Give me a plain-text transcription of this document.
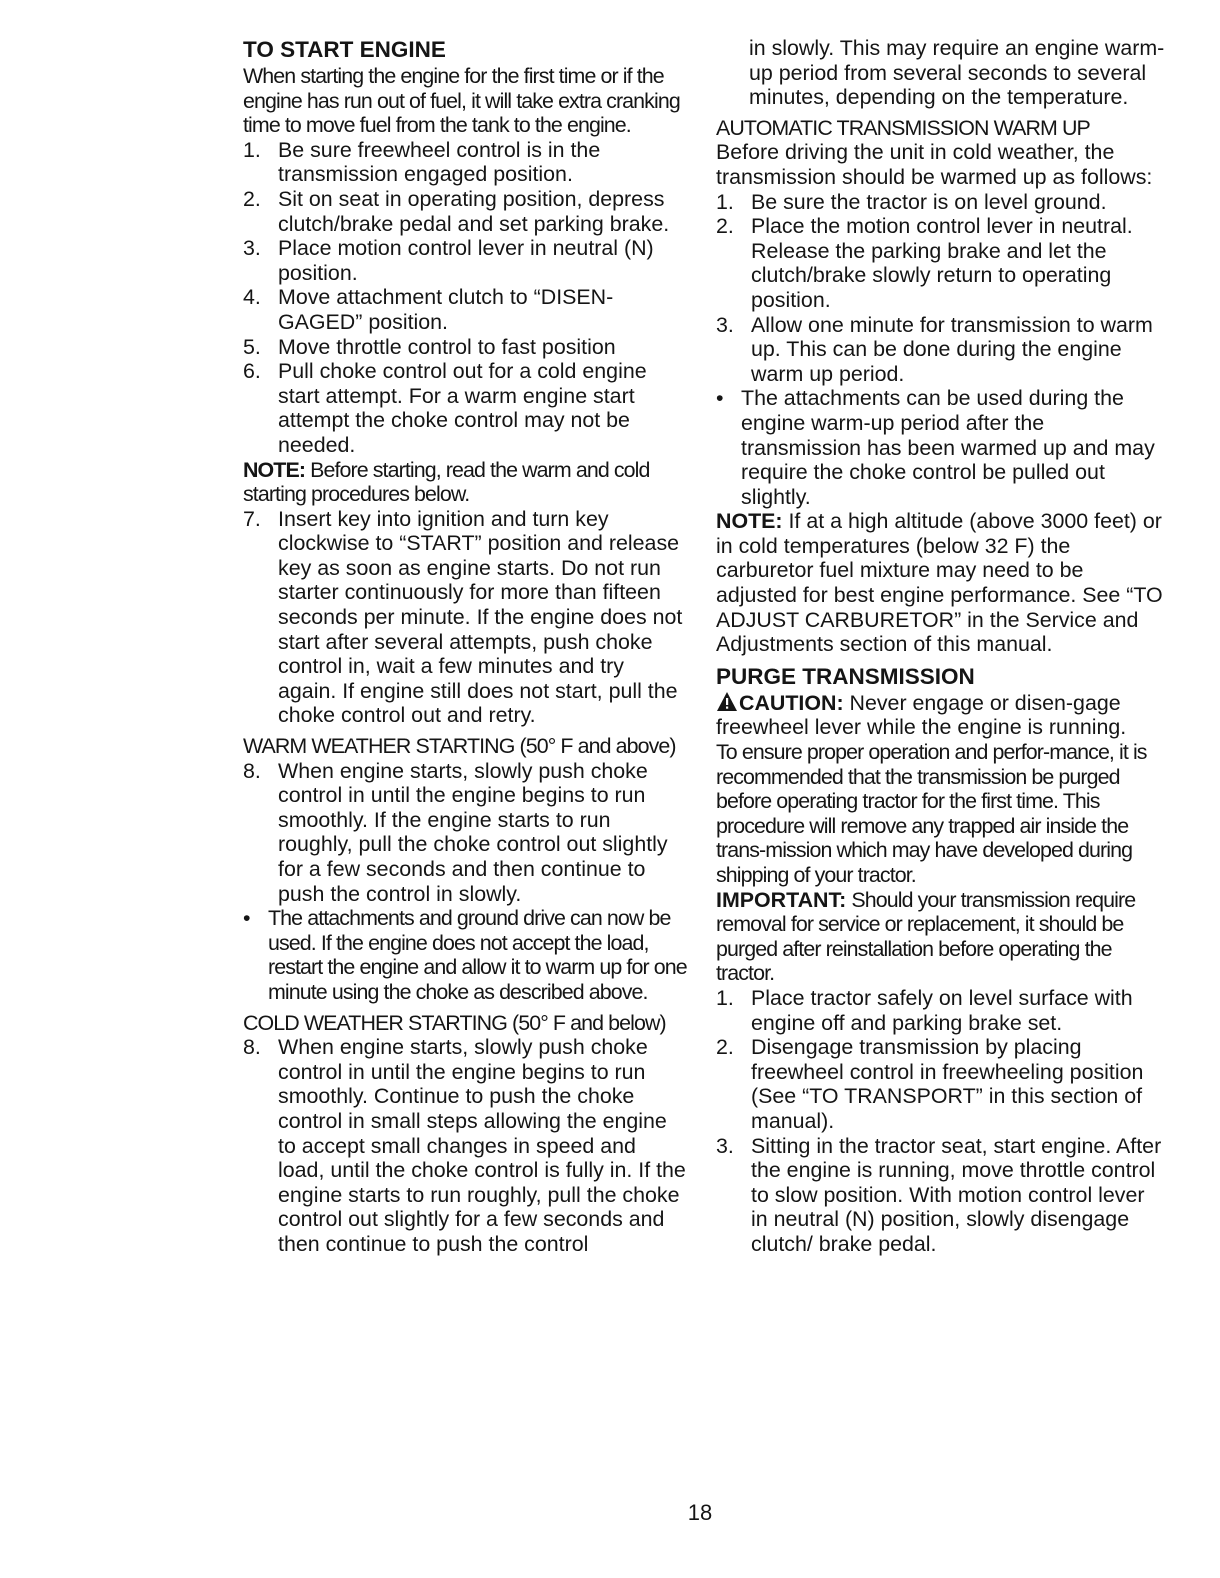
TO START ENGINE

When starting the engine for the first time or if the engine has run out of fuel, it will take extra cranking time to move fuel from the tank to the engine.

1. Be sure freewheel control is in the transmission engaged position.
2. Sit on seat in operating position, depress clutch/brake pedal and set parking brake.
3. Place motion control lever in neutral (N) position.
4. Move attachment clutch to “DISEN-GAGED” position.
5. Move throttle control to fast position
6. Pull choke control out for a cold engine start attempt. For a warm engine start attempt the choke control may not be needed.

NOTE: Before starting, read the warm and cold starting procedures below.

7. Insert key into ignition and turn key clockwise to “START” position and release key as soon as engine starts. Do not run starter continuously for more than fifteen seconds per minute. If the engine does not start after several attempts, push choke control in, wait a few minutes and try again. If engine still does not start, pull the choke control out and retry.

WARM WEATHER STARTING (50° F and above)

8. When engine starts, slowly push choke control in until the engine begins to run smoothly. If the engine starts to run roughly, pull the choke control out slightly for a few seconds and then continue to push the control in slowly.
• The attachments and ground drive can now be used. If the engine does not accept the load, restart the engine and allow it to warm up for one minute using the choke as described above.

COLD WEATHER STARTING (50° F and below)

8. When engine starts, slowly push choke control in until the engine begins to run smoothly. Continue to push the choke control in small steps allowing the engine to accept small changes in speed and load, until the choke control is fully in. If the engine starts to run roughly, pull the choke control out slightly for a few seconds and then continue to push the control

in slowly. This may require an engine warm-up period from several seconds to several minutes, depending on the temperature.

AUTOMATIC TRANSMISSION WARM UP

Before driving the unit in cold weather, the transmission should be warmed up as follows:

1. Be sure the tractor is on level ground.
2. Place the motion control lever in neutral. Release the parking brake and let the clutch/brake slowly return to operating position.
3. Allow one minute for transmission to warm up. This can be done during the engine warm up period.
• The attachments can be used during the engine warm-up period after the transmission has been warmed up and may require the choke control be pulled out slightly.

NOTE: If at a high altitude (above 3000 feet) or in cold temperatures (below 32 F) the carburetor fuel mixture may need to be adjusted for best engine performance. See “TO ADJUST CARBURETOR” in the Service and Adjustments section of this manual.

PURGE TRANSMISSION

CAUTION: Never engage or disen-gage freewheel lever while the engine is running.

To ensure proper operation and perfor-mance, it is recommended that the transmission be purged before operating tractor for the first time. This procedure will remove any trapped air inside the trans-mission which may have developed during shipping of your tractor.

IMPORTANT: Should your transmission require removal for service or replacement, it should be purged after reinstallation before operating the tractor.

1. Place tractor safely on level surface with engine off and parking brake set.
2. Disengage transmission by placing freewheel control in freewheeling position (See “TO TRANSPORT” in this section of manual).
3. Sitting in the tractor seat, start engine. After the engine is running, move throttle control to slow position. With motion control lever in neutral (N) position, slowly disengage clutch/ brake pedal.
18
